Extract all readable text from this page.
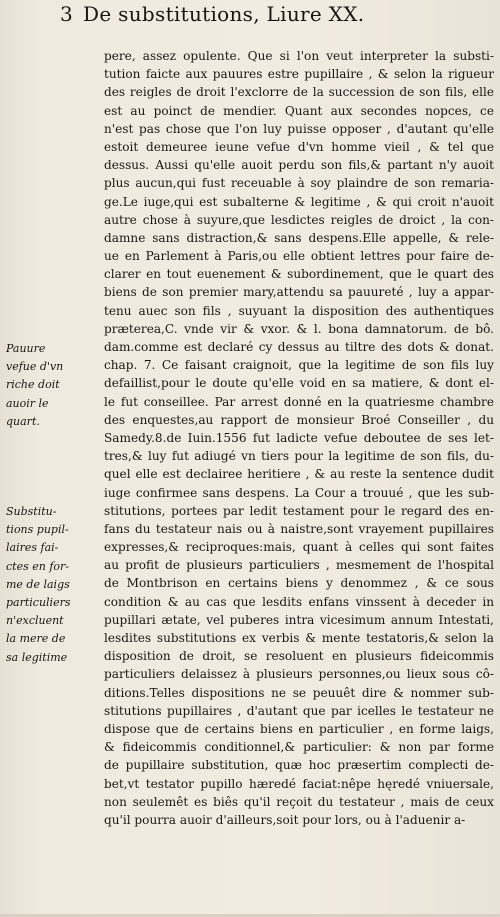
3 De substitutions, Liure XX.
pere, assez opulente. Que si l'on veut interpreter la substi-
tution faicte aux pauures estre pupillaire , & selon la rigueur
des reigles de droit l'exclorre de la succession de son fils, elle
est au poinct de mendier. Quant aux secondes nopces, ce
n'est pas chose que l'on luy puisse opposer , d'autant qu'elle
estoit demeuree ieune vefue d'vn homme vieil , & tel que
dessus. Aussi qu'elle auoit perdu son fils,& partant n'y auoit
plus aucun,qui fust receuable à soy plaindre de son remaria-
ge.Le iuge,qui est subalterne & legitime , & qui croit n'auoit
autre chose à suyure,que lesdictes reigles de droict , la con-
damne sans distraction,& sans despens.Elle appelle, & rele-
ue en Parlement à Paris,ou elle obtient lettres pour faire de-
clarer en tout euenement & subordinement, que le quart des
biens de son premier mary,attendu sa pauureté , luy a appar-
tenu auec son fils , suyuant la disposition des authentiques
præterea,C. vnde vir & vxor. & l. bona damnatorum. de bô.
dam.comme est declaré cy dessus au tiltre des dots & donat.
chap. 7. Ce faisant craignoit, que la legitime de son fils luy
defaillist,pour le doute qu'elle void en sa matiere, & dont el-
le fut conseillee. Par arrest donné en la quatriesme chambre
des enquestes,au rapport de monsieur Broé Conseiller , du
Samedy.8.de Iuin.1556 fut ladicte vefue deboutee de ses let-
tres,& luy fut adiugé vn tiers pour la legitime de son fils, du-
quel elle est declairee heritiere , & au reste la sentence dudit
iuge confirmee sans despens. La Cour a trouué , que les sub-
stitutions, portees par ledit testament pour le regard des en-
fans du testateur nais ou à naistre,sont vrayement pupillaires
expresses,& reciproques:mais, quant à celles qui sont faites
au profit de plusieurs particuliers , mesmement de l'hospital
de Montbrison en certains biens y denommez , & ce sous
condition & au cas que lesdits enfans vinssent à deceder in
pupillari ætate, vel puberes intra vicesimum annum Intestati,
lesdites substitutions ex verbis & mente testatoris,& selon la
disposition de droit, se resoluent en plusieurs fideicommis
particuliers delaissez à plusieurs personnes,ou lieux sous cô-
ditions.Telles dispositions ne se peuuêt dire & nommer sub-
stitutions pupillaires , d'autant que par icelles le testateur ne
dispose que de certains biens en particulier , en forme laigs,
& fideicommis conditionnel,& particulier: & non par forme
de pupillaire substitution, quæ hoc præsertim complecti de-
bet,vt testator pupillo hæredé faciat:nêpe hęredé vniuersale,
non seulemêt es biês qu'il reçoit du testateur , mais de ceux
qu'il pourra auoir d'ailleurs,soit pour lors, ou à l'aduenir a-
Pauure
vefue d'vn
riche doit
auoir le
quart.
Substitu-
tions pupil-
laires fai-
ctes en for-
me de laigs
particuliers
n'excluent
la mere de
sa legitime
